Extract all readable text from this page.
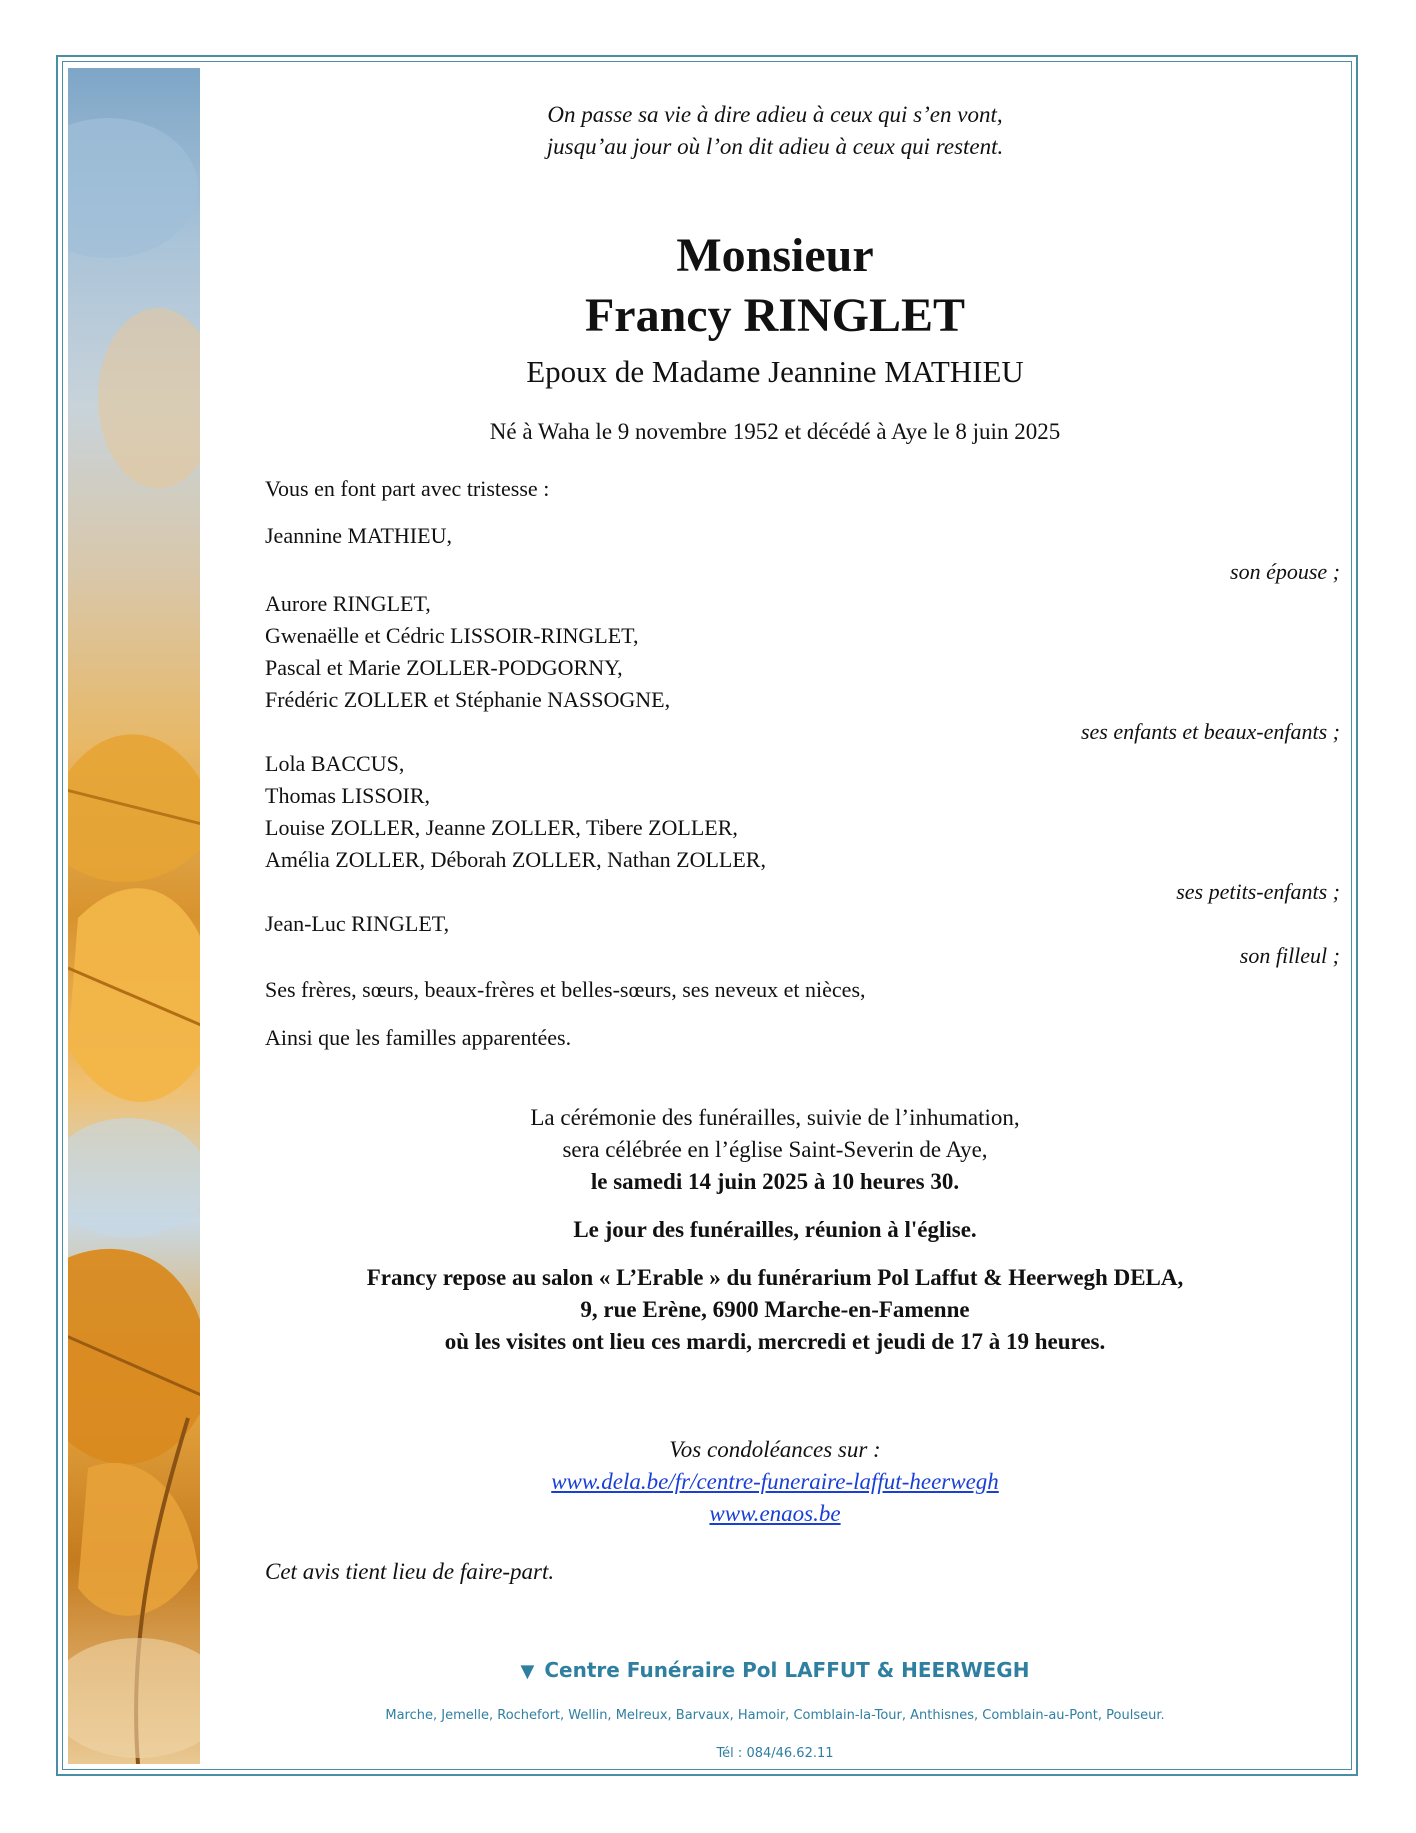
On passe sa vie à dire adieu à ceux qui s’en vont,
jusqu’au jour où l’on dit adieu à ceux qui restent.
Monsieur
Francy RINGLET
Epoux de Madame Jeannine MATHIEU
Né à Waha le 9 novembre 1952 et décédé à Aye le 8 juin 2025
Vous en font part avec tristesse :
Jeannine MATHIEU,
son épouse ;
Aurore RINGLET,
Gwenaëlle et Cédric LISSOIR-RINGLET,
Pascal et Marie ZOLLER-PODGORNY,
Frédéric ZOLLER et Stéphanie NASSOGNE,
ses enfants et beaux-enfants ;
Lola BACCUS,
Thomas LISSOIR,
Louise ZOLLER, Jeanne ZOLLER, Tibere ZOLLER,
Amélia ZOLLER, Déborah ZOLLER, Nathan ZOLLER,
ses petits-enfants ;
Jean-Luc RINGLET,
son filleul ;
Ses frères, sœurs, beaux-frères et belles-sœurs, ses neveux et nièces,
Ainsi que les familles apparentées.
La cérémonie des funérailles, suivie de l’inhumation,
sera célébrée en l’église Saint-Severin de Aye,
le samedi 14 juin 2025 à 10 heures 30.
Le jour des funérailles, réunion à l'église.
Francy repose au salon « L’Erable » du funérarium Pol Laffut & Heerwegh DELA,
9, rue Erène, 6900 Marche-en-Famenne
où les visites ont lieu ces mardi, mercredi et jeudi de 17 à 19 heures.
Vos condoléances sur :
www.dela.be/fr/centre-funeraire-laffut-heerwegh
www.enaos.be
Cet avis tient lieu de faire-part.
▼ Centre Funéraire Pol LAFFUT & HEERWEGH
Marche, Jemelle, Rochefort, Wellin, Melreux, Barvaux, Hamoir, Comblain-la-Tour, Anthisnes, Comblain-au-Pont, Poulseur.
Tél : 084/46.62.11
